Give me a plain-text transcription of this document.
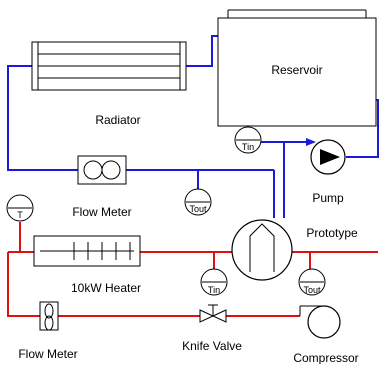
Reservoir
Radiator
Flow Meter
Tin
Tout
T
Tin	Tout
Pump
Prototype
10kW Heater
Flow Meter
Knife Valve
Compressor
